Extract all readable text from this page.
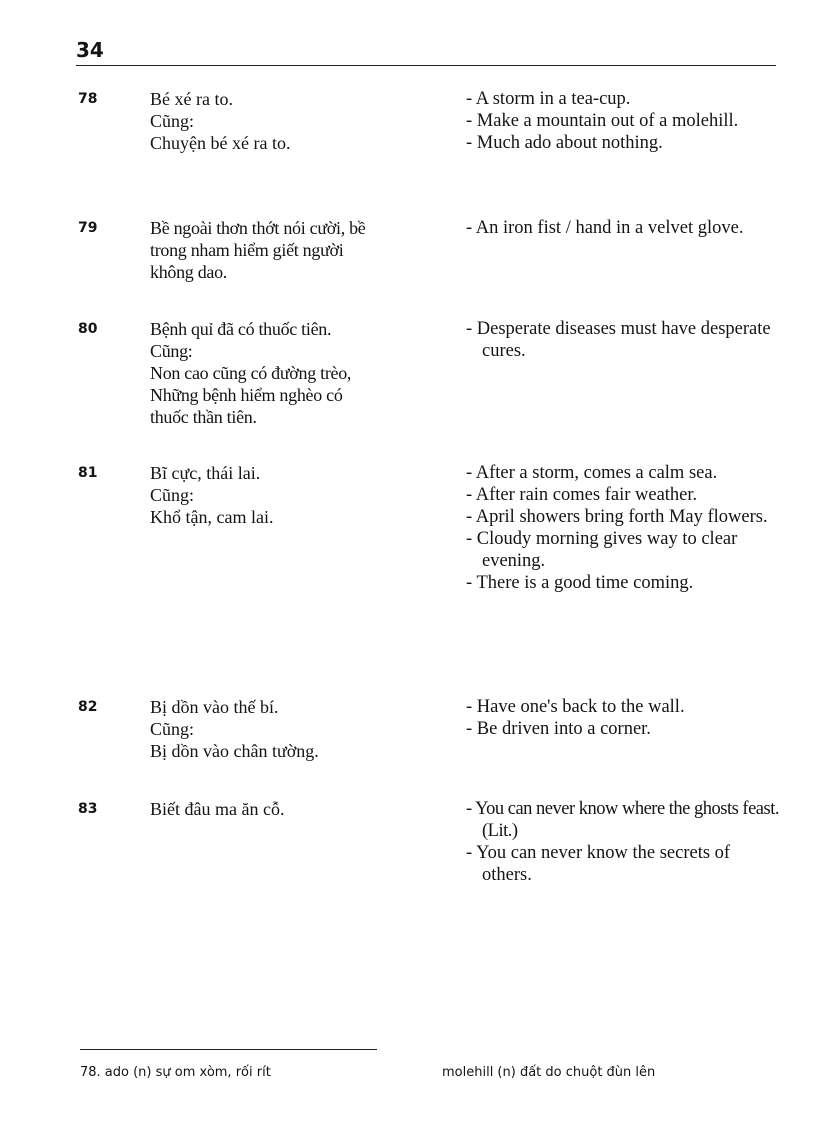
34
78	Bé xé ra to.
Cũng:
Chuyện bé xé ra to.
- A storm in a tea-cup.
- Make a mountain out of a molehill.
- Much ado about nothing.
79	Bề ngoài thơn thớt nói cười, bề
trong nham hiểm giết người
không dao.
- An iron fist / hand in a velvet glove.
80	Bệnh quỉ đã có thuốc tiên.
Cũng:
Non cao cũng có đường trèo,
Những bệnh hiểm nghèo có
thuốc thần tiên.
- Desperate diseases must have desperate cures.
81	Bĩ cực, thái lai.
Cũng:
Khổ tận, cam lai.
- After a storm, comes a calm sea.
- After rain comes fair weather.
- April showers bring forth May flowers.
- Cloudy morning gives way to clear evening.
- There is a good time coming.
82	Bị dồn vào thế bí.
Cũng:
Bị dồn vào chân tường.
- Have one's back to the wall.
- Be driven into a corner.
83	Biết đâu ma ăn cỗ.	- You can never know where the ghosts feast. (Lit.)
- You can never know the secrets of others.
78. ado (n) sự om xòm, rối rít	molehill (n) đất do chuột đùn lên
